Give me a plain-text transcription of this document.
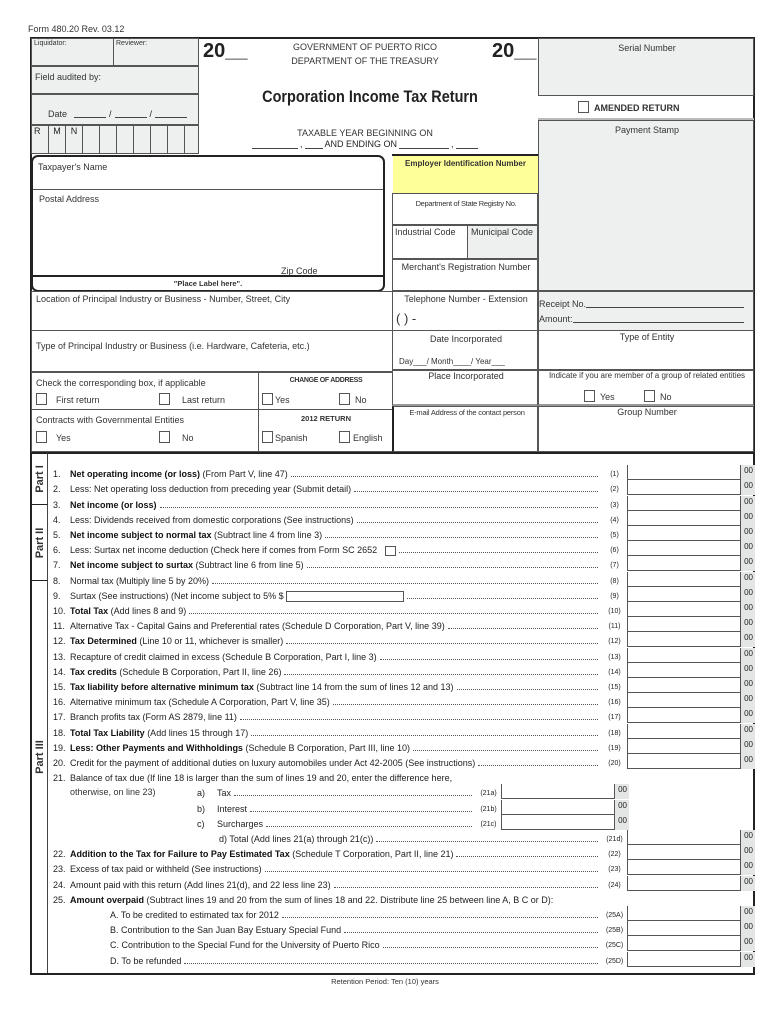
Form 480.20 Rev. 03.12
Liquidator:	Reviewer:
Field audited by:
Date	/	/
R	M	N
20__	20__
GOVERNMENT OF PUERTO RICO
DEPARTMENT OF THE TREASURY
Corporation Income Tax Return
TAXABLE YEAR BEGINNING ON
, AND ENDING ON	,
Serial Number
AMENDED RETURN
Payment Stamp
Receipt No.
Amount:
Type of Entity
Indicate if you are member of a group of related entities
Yes	No
Group Number
Employer Identification Number
Department of State Registry No.
Industrial Code Municipal Code
Merchant's Registration Number
Telephone Number - Extension
( ) -
Date Incorporated
Day___/ Month____/ Year___
Place Incorporated
E-mail Address of the contact person
Taxpayer's Name
Postal Address
Zip Code
"Place Label here".
Location of Principal Industry or Business - Number, Street, City
Type of Principal Industry or Business (i.e. Hardware, Cafeteria, etc.)
Check the corresponding box, if applicable
First return	Last return
CHANGE OF ADDRESS
Yes	No
Contracts with Governmental Entities
Yes	No
2012 RETURN
Spanish	English
Part I
Part II
Part III
1.	Net operating income (or loss) (From Part V, line 47)	(1)	00
2.	Less: Net operating loss deduction from preceding year (Submit detail)	(2)	00
3.	Net income (or loss)	(3)	00
4.	Less: Dividends received from domestic corporations (See instructions)	(4)	00
5.	Net income subject to normal tax (Subtract line 4 from line 3)	(5)	00
6.	Less: Surtax net income deduction (Check here if comes from Form SC 2652	(6)	00
7.	Net income subject to surtax (Subtract line 6 from line 5)	(7)	00
8.	Normal tax (Multiply line 5 by 20%)	(8)	00
9.	Surtax (See instructions) (Net income subject to 5% $	(9)	00
10. Total Tax (Add lines 8 and 9)	(10)	00
11. Alternative Tax - Capital Gains and Preferential rates (Schedule D Corporation, Part V, line 39)	(11)	00
12. Tax Determined (Line 10 or 11, whichever is smaller)	(12)	00
13. Recapture of credit claimed in excess (Schedule B Corporation, Part I, line 3)	(13)	00
14. Tax credits (Schedule B Corporation, Part II, line 26)	(14)	00
15. Tax liability before alternative minimum tax (Subtract line 14 from the sum of lines 12 and 13)	(15)	00
16. Alternative minimum tax (Schedule A Corporation, Part V, line 35)	(16)	00
17. Branch profits tax (Form AS 2879, line 11)	(17)	00
18. Total Tax Liability (Add lines 15 through 17)	(18)	00
19. Less: Other Payments and Withholdings (Schedule B Corporation, Part III, line 10)	(19)	00
20. Credit for the payment of additional duties on luxury automobiles under Act 42-2005 (See instructions)	(20)	00
21. Balance of tax due (If line 18 is larger than the sum of lines 19 and 20, enter the difference here,
otherwise, on line 23)	a)	Tax	(21a)	00
b)	Interest	(21b)	00
c)	Surcharges	(21c)	00
d) Total (Add lines 21(a) through 21(c))	(21d)	00
22. Addition to the Tax for Failure to Pay Estimated Tax (Schedule T Corporation, Part II, line 21)	(22)	00
23. Excess of tax paid or withheld (See instructions)	(23)	00
24. Amount paid with this return (Add lines 21(d), and 22 less line 23)	(24)	00
25. Amount overpaid (Subtract lines 19 and 20 from the sum of lines 18 and 22. Distribute line 25 between line A, B C or D):
A. To be credited to estimated tax for 2012	(25A)	00
B. Contribution to the San Juan Bay Estuary Special Fund	(25B)	00
C. Contribution to the Special Fund for the University of Puerto Rico	(25C)	00
D. To be refunded	(25D)	00
Retention Period: Ten (10) years
